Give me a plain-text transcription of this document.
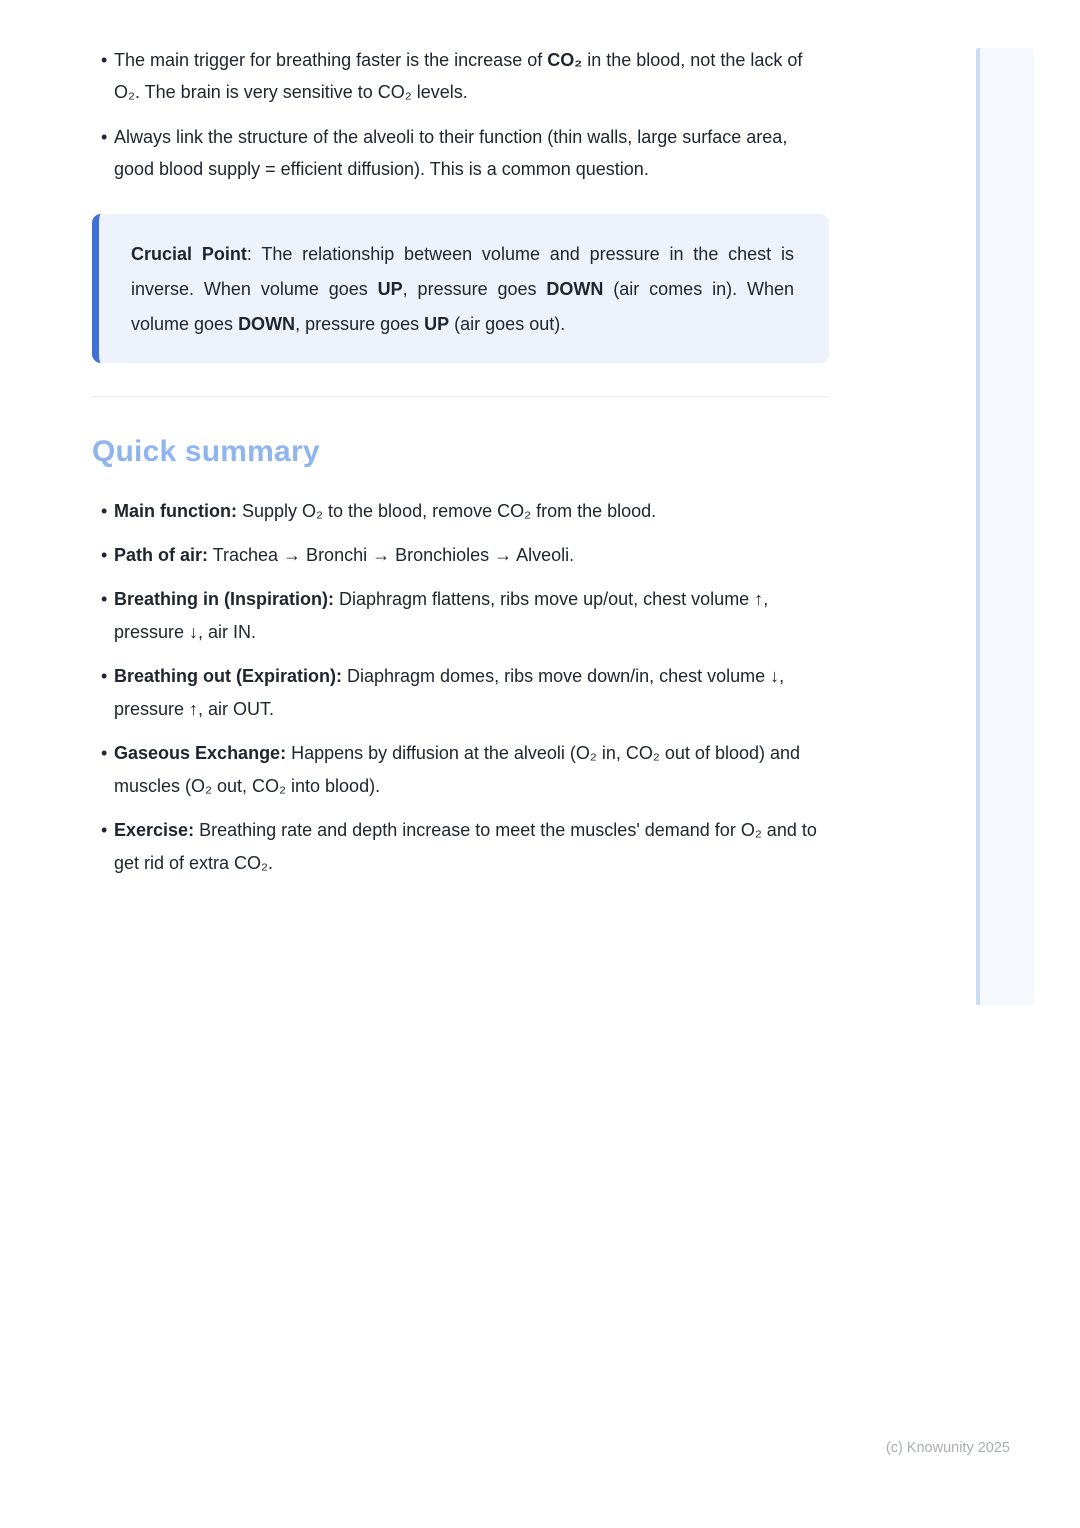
• The main trigger for breathing faster is the increase of CO₂ in the blood, not the lack of O₂. The brain is very sensitive to CO₂ levels.
• Always link the structure of the alveoli to their function (thin walls, large surface area, good blood supply = efficient diffusion). This is a common question.

Crucial Point: The relationship between volume and pressure in the chest is inverse. When volume goes UP, pressure goes DOWN (air comes in). When volume goes DOWN, pressure goes UP (air goes out).

Quick summary
• Main function: Supply O₂ to the blood, remove CO₂ from the blood.
• Path of air: Trachea → Bronchi → Bronchioles → Alveoli.
• Breathing in (Inspiration): Diaphragm flattens, ribs move up/out, chest volume ↑, pressure ↓, air IN.
• Breathing out (Expiration): Diaphragm domes, ribs move down/in, chest volume ↓, pressure ↑, air OUT.
• Gaseous Exchange: Happens by diffusion at the alveoli (O₂ in, CO₂ out of blood) and muscles (O₂ out, CO₂ into blood).
• Exercise: Breathing rate and depth increase to meet the muscles' demand for O₂ and to get rid of extra CO₂.
(c) Knowunity 2025
